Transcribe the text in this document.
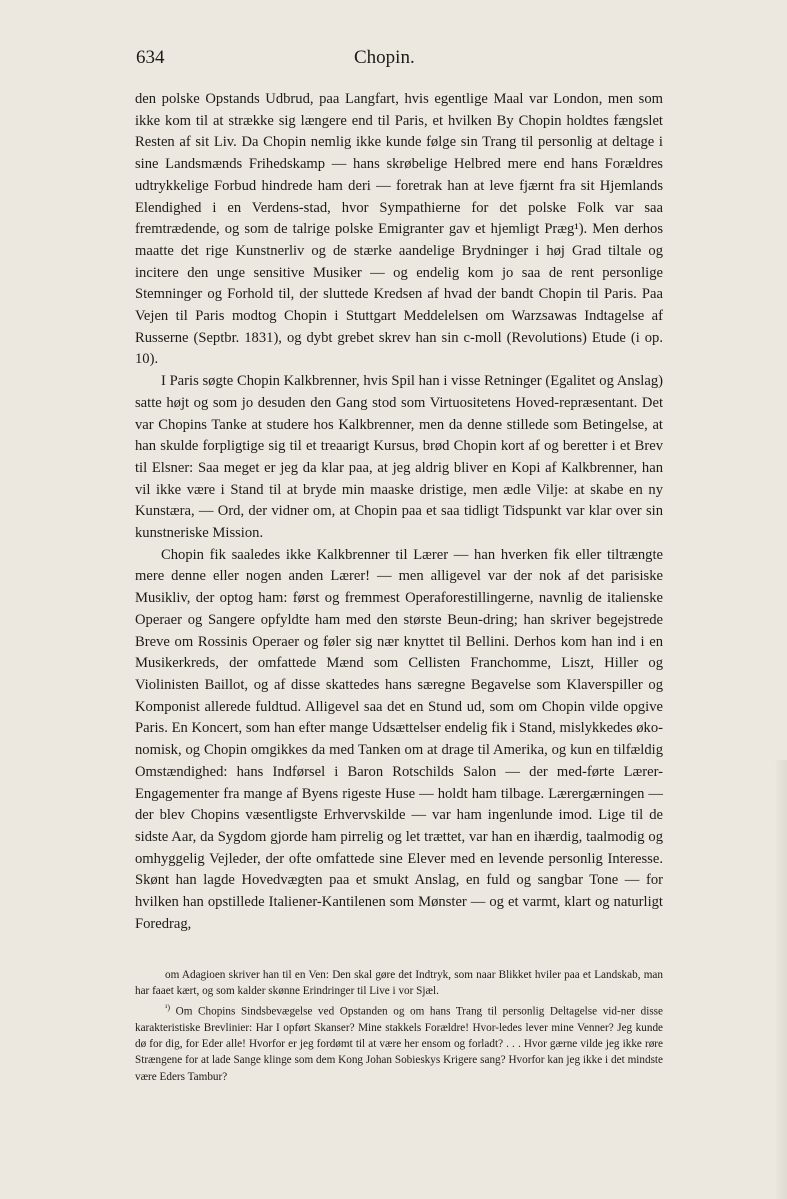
634	Chopin.

den polske Opstands Udbrud, paa Langfart, hvis egentlige Maal var London, men som ikke kom til at strække sig længere end til Paris, et hvilken By Chopin holdtes fængslet Resten af sit Liv. Da Chopin nemlig ikke kunde følge sin Trang til personlig at deltage i sine Landsmænds Frihedskamp — hans skrøbelige Helbred mere end hans Forældres udtrykkelige Forbud hindrede ham deri — foretrak han at leve fjærnt fra sit Hjemlands Elendighed i en Verdens-stad, hvor Sympathierne for det polske Folk var saa fremtrædende, og som de talrige polske Emigranter gav et hjemligt Præg¹). Men derhos maatte det rige Kunstnerliv og de stærke aandelige Brydninger i høj Grad tiltale og incitere den unge sensitive Musiker — og endelig kom jo saa de rent personlige Stemninger og Forhold til, der sluttede Kredsen af hvad der bandt Chopin til Paris. Paa Vejen til Paris modtog Chopin i Stuttgart Meddelelsen om Warzsawas Indtagelse af Russerne (Septbr. 1831), og dybt grebet skrev han sin c-moll (Revolutions) Etude (i op. 10).

I Paris søgte Chopin Kalkbrenner, hvis Spil han i visse Retninger (Egalitet og Anslag) satte højt og som jo desuden den Gang stod som Virtuositetens Hoved-repræsentant. Det var Chopins Tanke at studere hos Kalkbrenner, men da denne stillede som Betingelse, at han skulde forpligtige sig til et treaarigt Kursus, brød Chopin kort af og beretter i et Brev til Elsner: Saa meget er jeg da klar paa, at jeg aldrig bliver en Kopi af Kalkbrenner, han vil ikke være i Stand til at bryde min maaske dristige, men ædle Vilje: at skabe en ny Kunstæra, — Ord, der vidner om, at Chopin paa et saa tidligt Tidspunkt var klar over sin kunstneriske Mission.

Chopin fik saaledes ikke Kalkbrenner til Lærer — han hverken fik eller tiltrængte mere denne eller nogen anden Lærer! — men alligevel var der nok af det parisiske Musikliv, der optog ham: først og fremmest Operaforestillingerne, navnlig de italienske Operaer og Sangere opfyldte ham med den største Beun-dring; han skriver begejstrede Breve om Rossinis Operaer og føler sig nær knyttet til Bellini. Derhos kom han ind i en Musikerkreds, der omfattede Mænd som Cellisten Franchomme, Liszt, Hiller og Violinisten Baillot, og af disse skattedes hans særegne Begavelse som Klaverspiller og Komponist allerede fuldtud. Alligevel saa det en Stund ud, som om Chopin vilde opgive Paris. En Koncert, som han efter mange Udsættelser endelig fik i Stand, mislykkedes øko-nomisk, og Chopin omgikkes da med Tanken om at drage til Amerika, og kun en tilfældig Omstændighed: hans Indførsel i Baron Rotschilds Salon — der med-førte Lærer-Engagementer fra mange af Byens rigeste Huse — holdt ham tilbage. Lærergærningen — der blev Chopins væsentligste Erhvervskilde — var ham ingenlunde imod. Lige til de sidste Aar, da Sygdom gjorde ham pirrelig og let trættet, var han en ihærdig, taalmodig og omhyggelig Vejleder, der ofte omfattede sine Elever med en levende personlig Interesse. Skønt han lagde Hovedvægten paa et smukt Anslag, en fuld og sangbar Tone — for hvilken han opstillede Italiener-Kantilenen som Mønster — og et varmt, klart og naturligt Foredrag,

om Adagioen skriver han til en Ven: Den skal gøre det Indtryk, som naar Blikket hviler paa et Landskab, man har faaet kært, og som kalder skønne Erindringer til Live i vor Sjæl.

$^{^1)}$ Om Chopins Sindsbevægelse ved Opstanden og om hans Trang til personlig Deltagelse vid-ner disse karakteristiske Brevlinier: Har I opført Skanser? Mine stakkels Forældre! Hvor-ledes lever mine Venner? Jeg kunde dø for dig, for Eder alle! Hvorfor er jeg fordømt til at være her ensom og forladt? . . . Hvor gærne vilde jeg ikke røre Strængene for at lade Sange klinge som dem Kong Johan Sobieskys Krigere sang? Hvorfor kan jeg ikke i det mindste være Eders Tambur?
